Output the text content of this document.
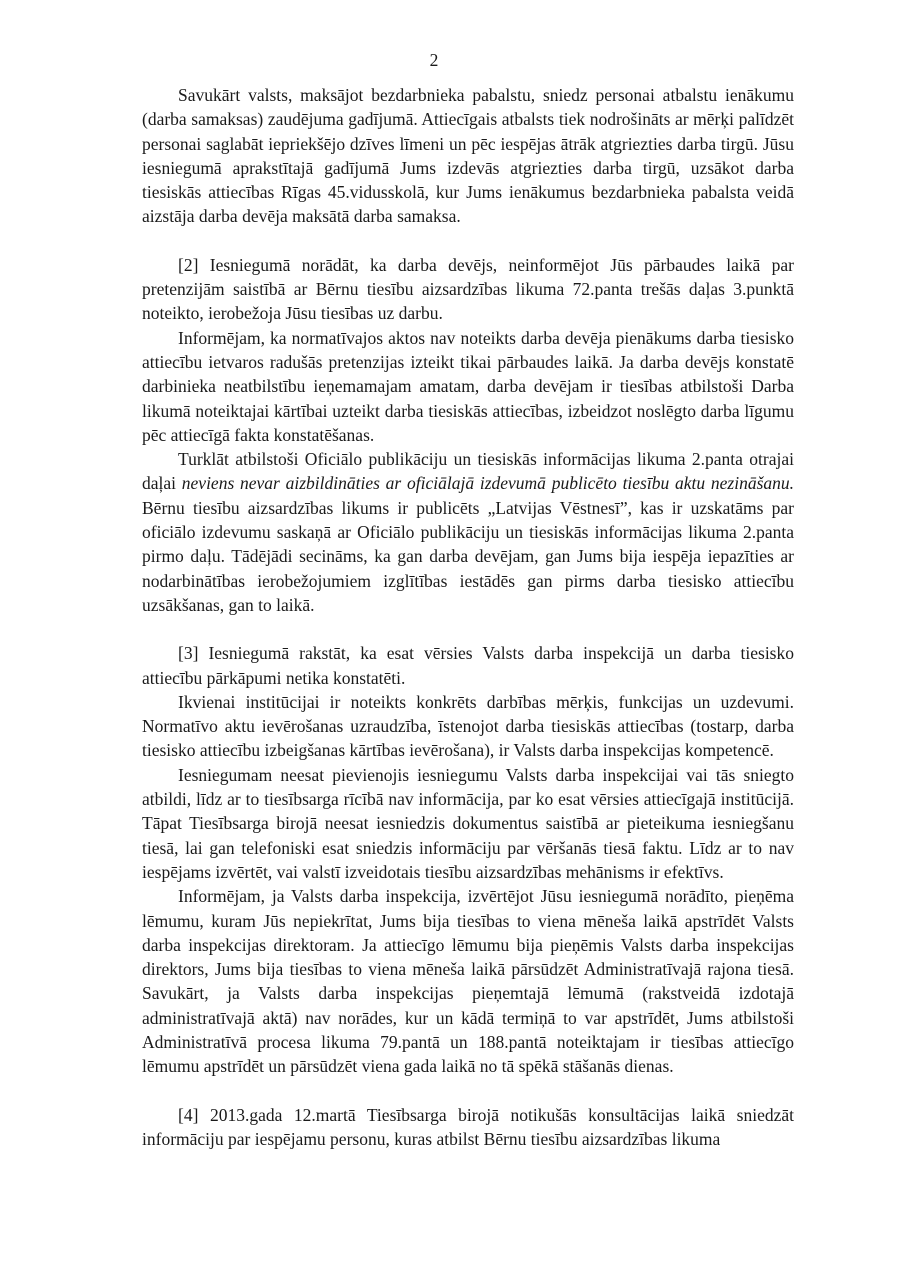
2

Savukārt valsts, maksājot bezdarbnieka pabalstu, sniedz personai atbalstu ienākumu (darba samaksas) zaudējuma gadījumā. Attiecīgais atbalsts tiek nodrošināts ar mērķi palīdzēt personai saglabāt iepriekšējo dzīves līmeni un pēc iespējas ātrāk atgriezties darba tirgū. Jūsu iesniegumā aprakstītajā gadījumā Jums izdevās atgriezties darba tirgū, uzsākot darba tiesiskās attiecības Rīgas 45.vidusskolā, kur Jums ienākumus bezdarbnieka pabalsta veidā aizstāja darba devēja maksātā darba samaksa.

[2] Iesniegumā norādāt, ka darba devējs, neinformējot Jūs pārbaudes laikā par pretenzijām saistībā ar Bērnu tiesību aizsardzības likuma 72.panta trešās daļas 3.punktā noteikto, ierobežoja Jūsu tiesības uz darbu.

Informējam, ka normatīvajos aktos nav noteikts darba devēja pienākums darba tiesisko attiecību ietvaros radušās pretenzijas izteikt tikai pārbaudes laikā. Ja darba devējs konstatē darbinieka neatbilstību ieņemamajam amatam, darba devējam ir tiesības atbilstoši Darba likumā noteiktajai kārtībai uzteikt darba tiesiskās attiecības, izbeidzot noslēgto darba līgumu pēc attiecīgā fakta konstatēšanas.

Turklāt atbilstoši Oficiālo publikāciju un tiesiskās informācijas likuma 2.panta otrajai daļai neviens nevar aizbildināties ar oficiālajā izdevumā publicēto tiesību aktu nezināšanu. Bērnu tiesību aizsardzības likums ir publicēts „Latvijas Vēstnesī”, kas ir uzskatāms par oficiālo izdevumu saskaņā ar Oficiālo publikāciju un tiesiskās informācijas likuma 2.panta pirmo daļu. Tādējādi secināms, ka gan darba devējam, gan Jums bija iespēja iepazīties ar nodarbinātības ierobežojumiem izglītības iestādēs gan pirms darba tiesisko attiecību uzsākšanas, gan to laikā.

[3] Iesniegumā rakstāt, ka esat vērsies Valsts darba inspekcijā un darba tiesisko attiecību pārkāpumi netika konstatēti.

Ikvienai institūcijai ir noteikts konkrēts darbības mērķis, funkcijas un uzdevumi. Normatīvo aktu ievērošanas uzraudzība, īstenojot darba tiesiskās attiecības (tostarp, darba tiesisko attiecību izbeigšanas kārtības ievērošana), ir Valsts darba inspekcijas kompetencē.

Iesniegumam neesat pievienojis iesniegumu Valsts darba inspekcijai vai tās sniegto atbildi, līdz ar to tiesībsarga rīcībā nav informācija, par ko esat vērsies attiecīgajā institūcijā. Tāpat Tiesībsarga birojā neesat iesniedzis dokumentus saistībā ar pieteikuma iesniegšanu tiesā, lai gan telefoniski esat sniedzis informāciju par vēršanās tiesā faktu. Līdz ar to nav iespējams izvērtēt, vai valstī izveidotais tiesību aizsardzības mehānisms ir efektīvs.

Informējam, ja Valsts darba inspekcija, izvērtējot Jūsu iesniegumā norādīto, pieņēma lēmumu, kuram Jūs nepiekrītat, Jums bija tiesības to viena mēneša laikā apstrīdēt Valsts darba inspekcijas direktoram. Ja attiecīgo lēmumu bija pieņēmis Valsts darba inspekcijas direktors, Jums bija tiesības to viena mēneša laikā pārsūdzēt Administratīvajā rajona tiesā. Savukārt, ja Valsts darba inspekcijas pieņemtajā lēmumā (rakstveidā izdotajā administratīvajā aktā) nav norādes, kur un kādā termiņā to var apstrīdēt, Jums atbilstoši Administratīvā procesa likuma 79.pantā un 188.pantā noteiktajam ir tiesības attiecīgo lēmumu apstrīdēt un pārsūdzēt viena gada laikā no tā spēkā stāšanās dienas.

[4] 2013.gada 12.martā Tiesībsarga birojā notikušās konsultācijas laikā sniedzāt informāciju par iespējamu personu, kuras atbilst Bērnu tiesību aizsardzības likuma
